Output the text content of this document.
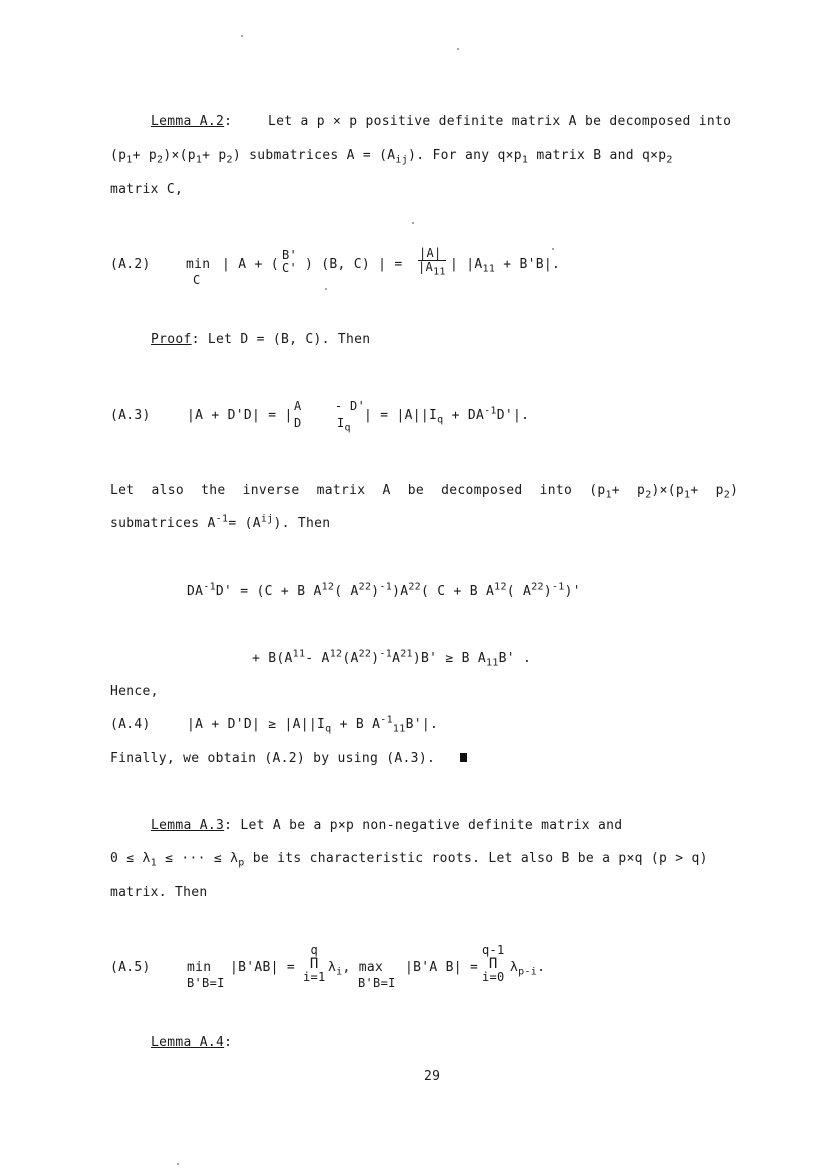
Lemma A.2:	Let a p × p positive definite matrix A be decomposed into
$(p_1+ p_2)\times(p_1+ p_2)$ submatrices $A = (A_{ij})$. For any $q\times p_1$ matrix B and $q\times p_2$
matrix C,
(A.2)	min
C
| A + (
B'
C' ) (B, C) | = $\frac{|A|}{|A_{11}}$ | $|A_{11} + B'B|$.
Proof: Let D = (B, C). Then
(A.3)	|A + D'D| = |
A	- D'
D	$I_q$
| = $|A||I_q + DA^{-1}D'|$.
Let also the inverse matrix A be decomposed into $(p_1+ p_2)\times(p_1+ p_2)$
submatrices $A^{-1}= (A^{ij})$. Then
$DA^{-1}D' = (C + B$ $A^{12}$( $A^{22})^{-1})A^{22}$( C + B $A^{12}$( $A^{22})^{-1})'$
+ $B(A^{11}-$ $A^{12}(A^{22})^{-1}A^{21})B' \ge B$ $A_{11}B'$ .
Hence,
(A.4)	$|A + D'D| \ge |A||I_q + B$ $A^{-1}_{11}B'|$.
Finally, we obtain (A.2) by using (A.3).
Lemma A.3: Let A be a p×p non-negative definite matrix and
$0 \le \lambda_1$ ≤ ··· ≤ $\lambda_p$ be its characteristic roots. Let also B be a p×q (p > q)
matrix. Then
(A.5)	min
B'B=I
|B'AB| =
q
Π
i=1
$\lambda_i$, max
B'B=I
|B'A B| =
q-1
Π
i=0
$\lambda_{p-i}$.
Lemma A.4:
29
